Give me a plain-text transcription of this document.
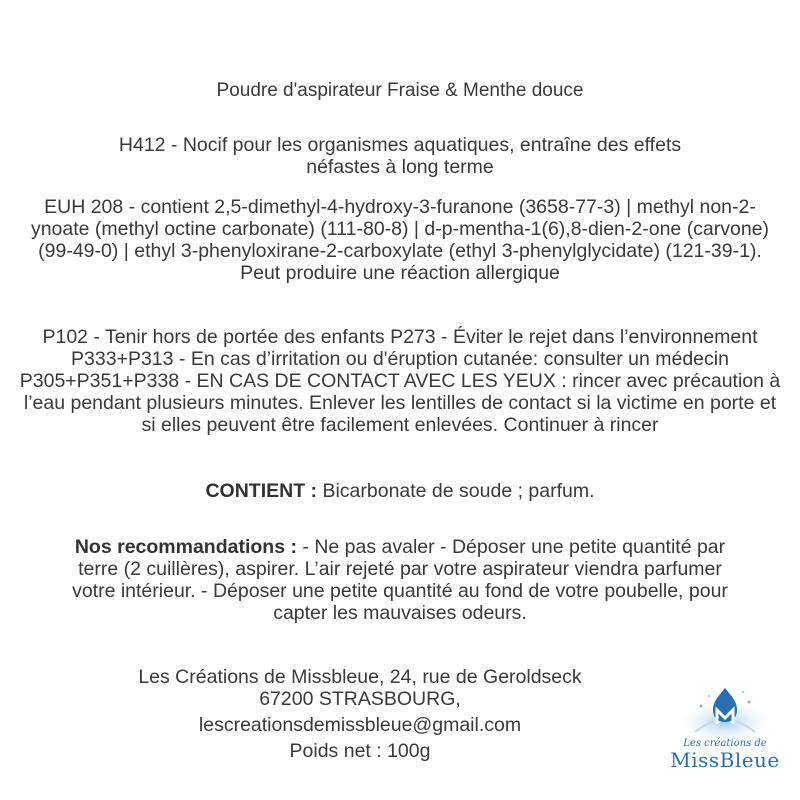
Poudre d'aspirateur Fraise & Menthe douce
H412 - Nocif pour les organismes aquatiques, entraîne des effets néfastes à long terme
EUH 208 - contient 2,5-dimethyl-4-hydroxy-3-furanone (3658-77-3) | methyl non-2-ynoate (methyl octine carbonate) (111-80-8) | d-p-mentha-1(6),8-dien-2-one (carvone) (99-49-0) | ethyl 3-phenyloxirane-2-carboxylate (ethyl 3-phenylglycidate) (121-39-1). Peut produire une réaction allergique
P102 - Tenir hors de portée des enfants P273 - Éviter le rejet dans l’environnement P333+P313 - En cas d’irritation ou d'éruption cutanée: consulter un médecin P305+P351+P338 - EN CAS DE CONTACT AVEC LES YEUX : rincer avec précaution à l’eau pendant plusieurs minutes. Enlever les lentilles de contact si la victime en porte et si elles peuvent être facilement enlevées. Continuer à rincer
CONTIENT : Bicarbonate de soude ; parfum.
Nos recommandations : - Ne pas avaler - Déposer une petite quantité par terre (2 cuillères), aspirer. L’air rejeté par votre aspirateur viendra parfumer votre intérieur. - Déposer une petite quantité au fond de votre poubelle, pour capter les mauvaises odeurs.
Les Créations de Missbleue, 24, rue de Geroldseck
67200 STRASBOURG,
lescreationsdemissbleue@gmail.com
Poids net : 100g	Les créations de
MissBleue
